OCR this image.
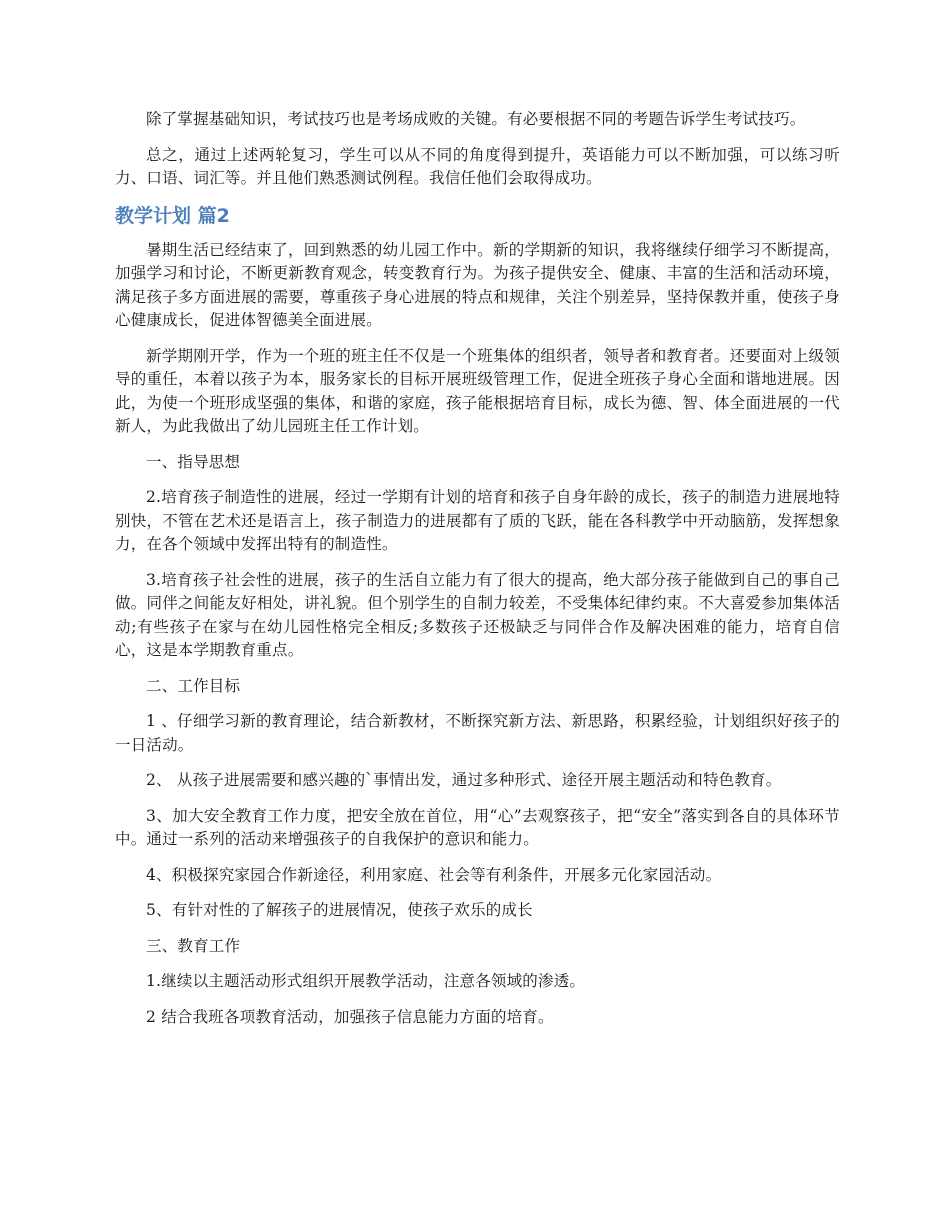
除了掌握基础知识，考试技巧也是考场成败的关键。有必要根据不同的考题告诉学生考试技巧。

总之，通过上述两轮复习，学生可以从不同的角度得到提升，英语能力可以不断加强，可以练习听力、口语、词汇等。并且他们熟悉测试例程。我信任他们会取得成功。

教学计划 篇2

暑期生活已经结束了，回到熟悉的幼儿园工作中。新的学期新的知识，我将继续仔细学习不断提高，加强学习和讨论，不断更新教育观念，转变教育行为。为孩子提供安全、健康、丰富的生活和活动环境，满足孩子多方面进展的需要，尊重孩子身心进展的特点和规律，关注个别差异，坚持保教并重，使孩子身心健康成长，促进体智德美全面进展。

新学期刚开学，作为一个班的班主任不仅是一个班集体的组织者，领导者和教育者。还要面对上级领导的重任，本着以孩子为本，服务家长的目标开展班级管理工作，促进全班孩子身心全面和谐地进展。因此，为使一个班形成坚强的集体，和谐的家庭，孩子能根据培育目标，成长为德、智、体全面进展的一代新人，为此我做出了幼儿园班主任工作计划。

一、指导思想

2.培育孩子制造性的进展，经过一学期有计划的培育和孩子自身年龄的成长，孩子的制造力进展地特别快，不管在艺术还是语言上，孩子制造力的进展都有了质的飞跃，能在各科教学中开动脑筋，发挥想象力，在各个领域中发挥出特有的制造性。

3.培育孩子社会性的进展，孩子的生活自立能力有了很大的提高，绝大部分孩子能做到自己的事自己做。同伴之间能友好相处，讲礼貌。但个别学生的自制力较差，不受集体纪律约束。不大喜爱参加集体活动;有些孩子在家与在幼儿园性格完全相反;多数孩子还极缺乏与同伴合作及解决困难的能力，培育自信心，这是本学期教育重点。

二、工作目标

1 、仔细学习新的教育理论，结合新教材，不断探究新方法、新思路，积累经验，计划组织好孩子的一日活动。

2、 从孩子进展需要和感兴趣的`事情出发，通过多种形式、途径开展主题活动和特色教育。

3、加大安全教育工作力度，把安全放在首位，用“心”去观察孩子，把“安全”落实到各自的具体环节中。通过一系列的活动来增强孩子的自我保护的意识和能力。

4、积极探究家园合作新途径，利用家庭、社会等有利条件，开展多元化家园活动。

5、有针对性的了解孩子的进展情况，使孩子欢乐的成长

三、教育工作

1.继续以主题活动形式组织开展教学活动，注意各领域的渗透。

2 结合我班各项教育活动，加强孩子信息能力方面的培育。
